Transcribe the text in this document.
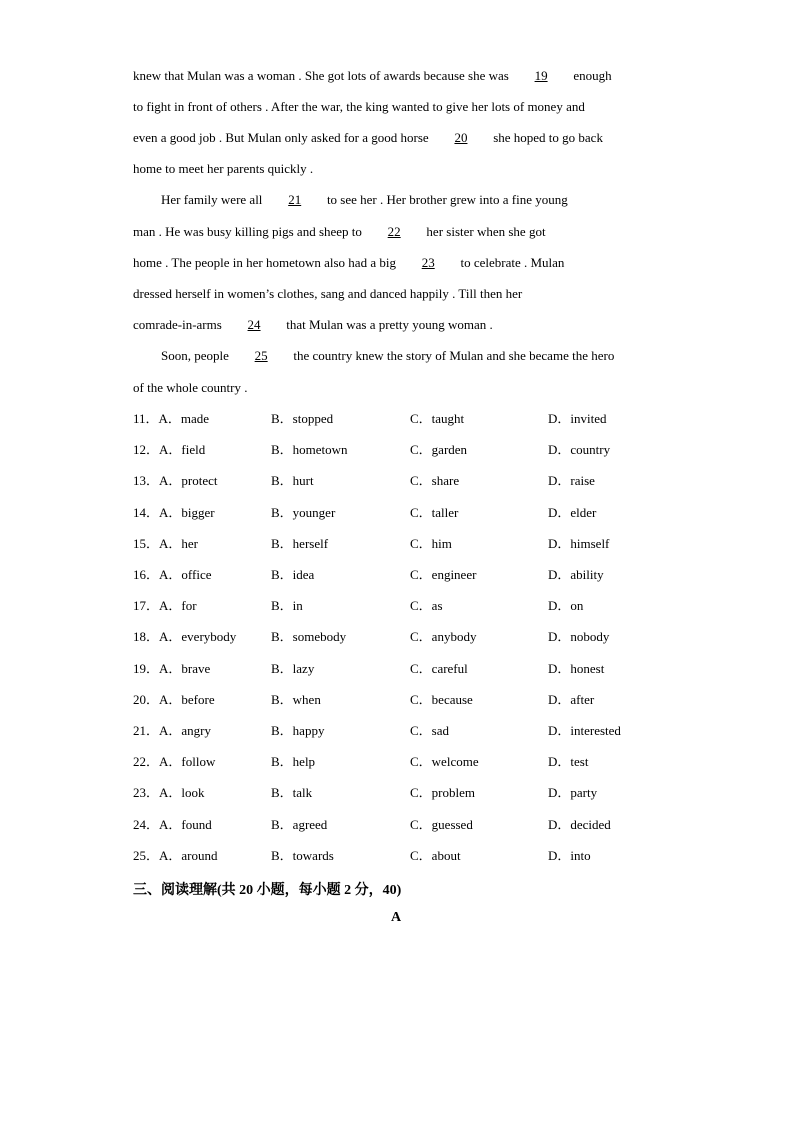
knew that Mulan was a woman . She got lots of awards because she was 19 enough
to fight in front of others . After the war, the king wanted to give her lots of money and
even a good job . But Mulan only asked for a good horse 20 she hoped to go back
home to meet her parents quickly .
Her family were all 21 to see her . Her brother grew into a fine young
man . He was busy killing pigs and sheep to 22 her sister when she got
home . The people in her hometown also had a big 23 to celebrate . Mulan
dressed herself in women’s clothes, sang and danced happily . Till then her
comrade-in-arms 24 that Mulan was a pretty young woman .
Soon, people 25 the country knew the story of Mulan and she became the hero
of the whole country .
11．A．made	B．stopped	C．taught	D．invited
12．A．field	B．hometown	C．garden	D．country
13．A．protect	B．hurt	C．share	D．raise
14．A．bigger	B．younger	C．taller	D．elder
15．A．her	B．herself	C．him	D．himself
16．A．office	B．idea	C．engineer	D．ability
17．A．for	B．in	C．as	D．on
18．A．everybody	B．somebody	C．anybody	D．nobody
19．A．brave	B．lazy	C．careful	D．honest
20．A．before	B．when	C．because	D．after
21．A．angry	B．happy	C．sad	D．interested
22．A．follow	B．help	C．welcome	D．test
23．A．look	B．talk	C．problem	D．party
24．A．found	B．agreed	C．guessed	D．decided
25．A．around	B．towards	C．about	D．into
三、阅读理解(共 20 小题，每小题 2 分，40)
A
